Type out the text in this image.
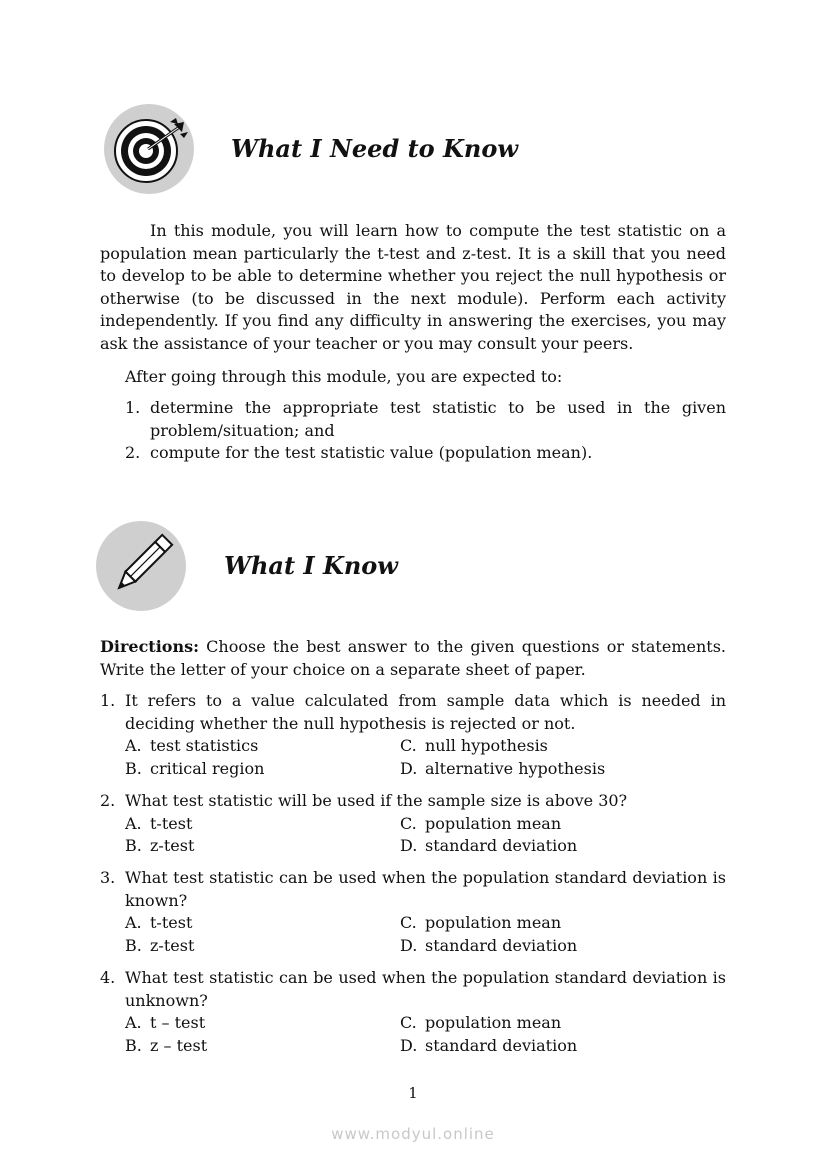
What I Need to Know
In this module, you will learn how to compute the test statistic on a population mean particularly the t-test and z-test. It is a skill that you need to develop to be able to determine whether you reject the null hypothesis or otherwise (to be discussed in the next module). Perform each activity independently. If you find any difficulty in answering the exercises, you may ask the assistance of your teacher or you may consult your peers.
After going through this module, you are expected to:
1. determine the appropriate test statistic to be used in the given problem/situation; and
2. compute for the test statistic value (population mean).
What I Know
Directions: Choose the best answer to the given questions or statements. Write the letter of your choice on a separate sheet of paper.
1. It refers to a value calculated from sample data which is needed in deciding whether the null hypothesis is rejected or not.
A. test statistics	C. null hypothesis
B. critical region	D. alternative hypothesis
2. What test statistic will be used if the sample size is above 30?
A. t-test	C. population mean
B. z-test	D. standard deviation
3. What test statistic can be used when the population standard deviation is known?
A. t-test	C. population mean
B. z-test	D. standard deviation
4. What test statistic can be used when the population standard deviation is unknown?
A. t – test	C. population mean
B. z – test	D. standard deviation
1
www.modyul.online
